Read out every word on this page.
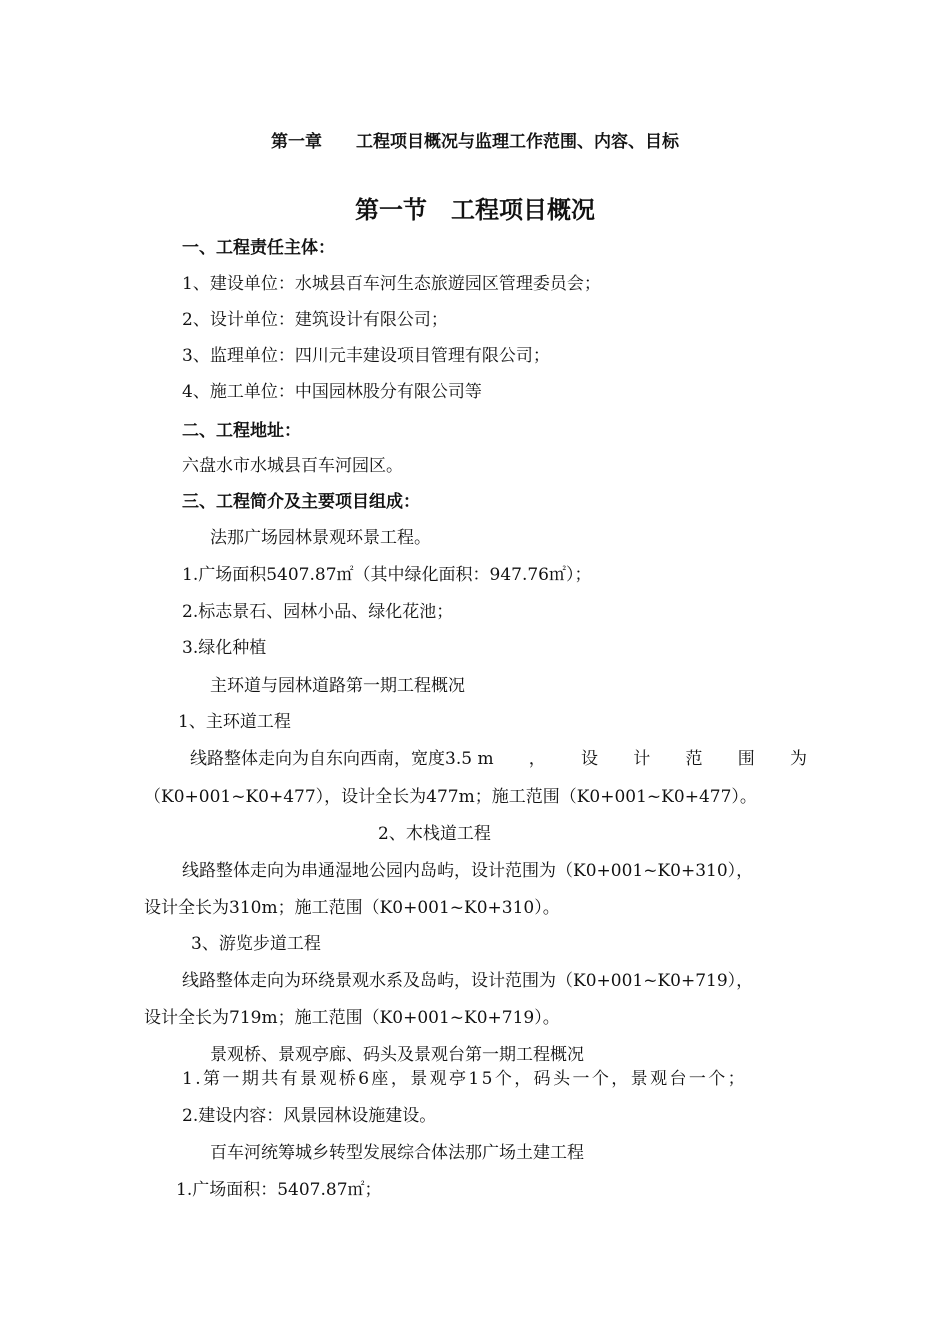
第一章　　工程项目概况与监理工作范围、内容、目标
第一节　工程项目概况
一、工程责任主体：
1、建设单位：水城县百车河生态旅遊园区管理委员会；
2、设计单位：建筑设计有限公司；
3、监理单位：四川元丰建设项目管理有限公司；
4、施工单位：中国园林股分有限公司等
二、工程地址：
六盘水市水城县百车河园区。
三、工程简介及主要项目组成：
法那广场园林景观环景工程。
1.广场面积5407.87㎡（其中绿化面积：947.76㎡）；
2.标志景石、园林小品、绿化花池；
3.绿化种植
主环道与园林道路第一期工程概况
1、主环道工程
线路整体走向为自东向西南，宽度3.5 m ， 设 计 范 围 为
（K0+001~K0+477），设计全长为477m；施工范围（K0+001~K0+477）。
2、木栈道工程
线路整体走向为串通湿地公园内岛屿，设计范围为（K0+001~K0+310），
设计全长为310m；施工范围（K0+001~K0+310）。
3、游览步道工程
线路整体走向为环绕景观水系及岛屿，设计范围为（K0+001~K0+719），
设计全长为719m；施工范围（K0+001~K0+719）。
景观桥、景观亭廊、码头及景观台第一期工程概况
1.第一期共有景观桥6座，景观亭15个，码头一个，景观台一个；
2.建设内容：风景园林设施建设。
百车河统筹城乡转型发展综合体法那广场土建工程
1.广场面积：5407.87㎡；
